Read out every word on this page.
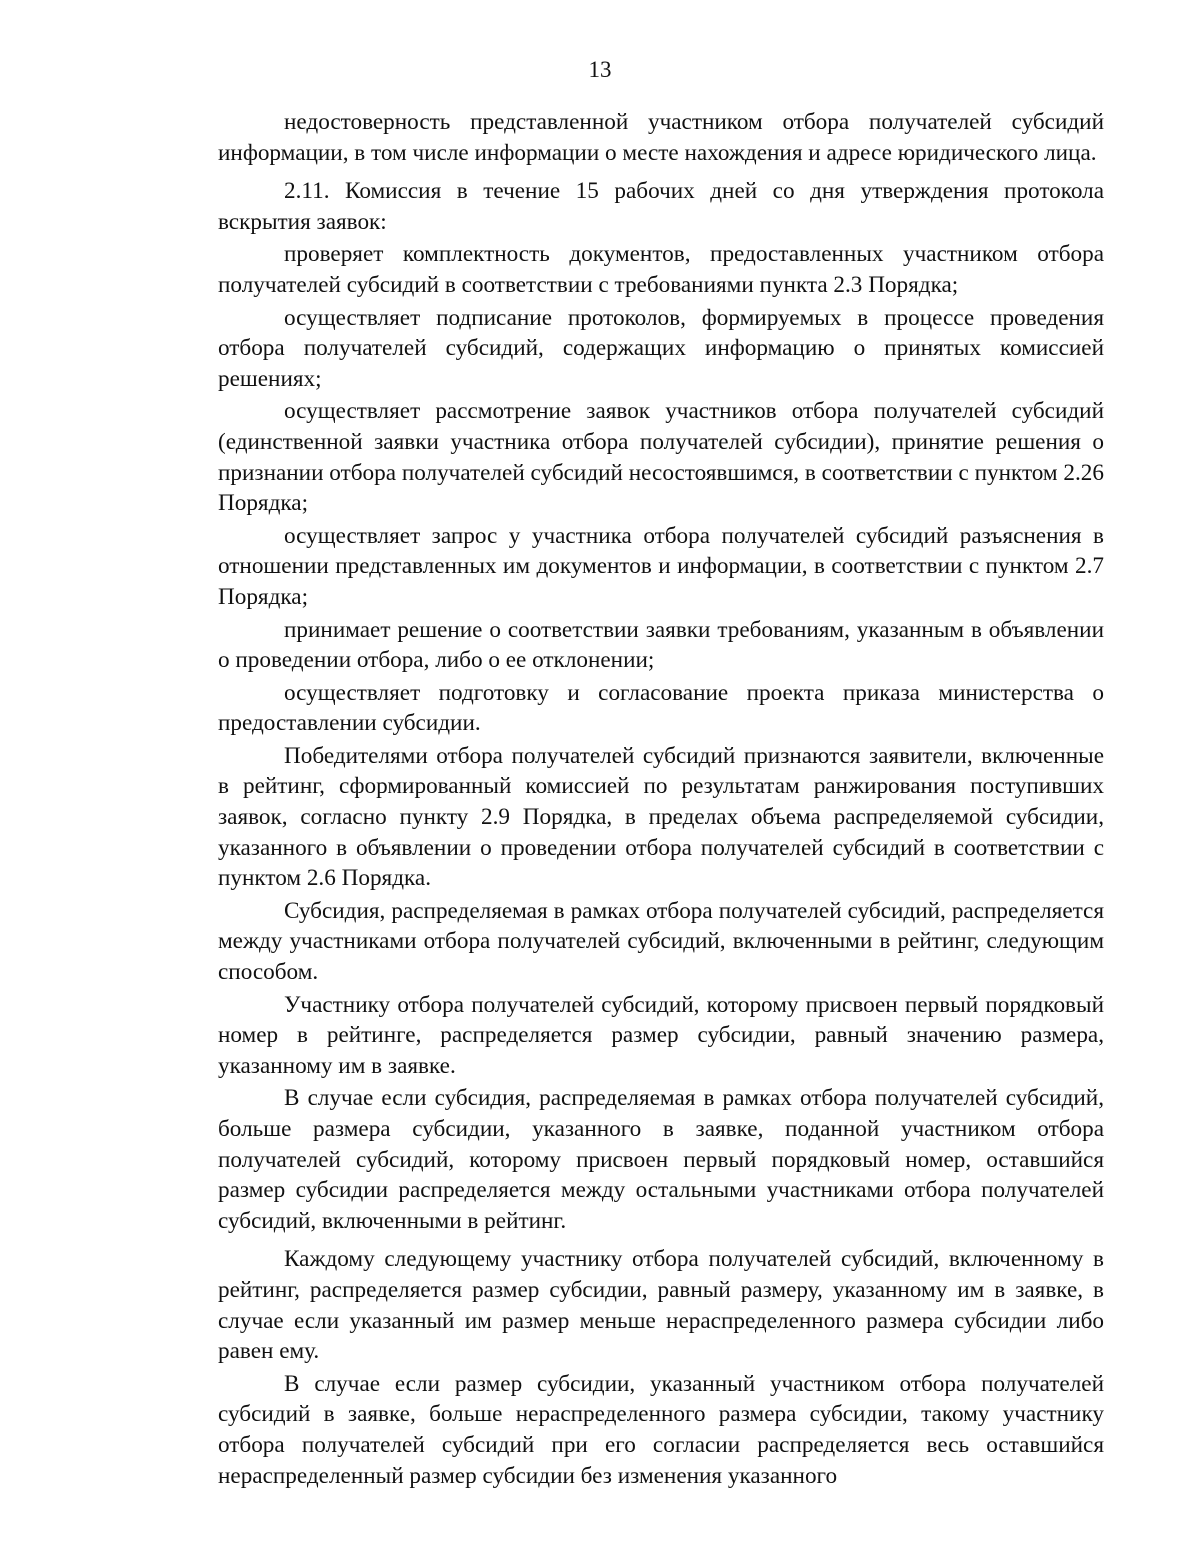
13

недостоверность представленной участником отбора получателей субсидий информации, в том числе информации о месте нахождения и адресе юридического лица.

2.11. Комиссия в течение 15 рабочих дней со дня утверждения протокола вскрытия заявок:

проверяет комплектность документов, предоставленных участником отбора получателей субсидий в соответствии с требованиями пункта 2.3 Порядка;

осуществляет подписание протоколов, формируемых в процессе проведения отбора получателей субсидий, содержащих информацию о принятых комиссией решениях;

осуществляет рассмотрение заявок участников отбора получателей субсидий (единственной заявки участника отбора получателей субсидии), принятие решения о признании отбора получателей субсидий несостоявшимся, в соответствии с пунктом 2.26 Порядка;

осуществляет запрос у участника отбора получателей субсидий разъяснения в отношении представленных им документов и информации, в соответствии с пунктом 2.7 Порядка;

принимает решение о соответствии заявки требованиям, указанным в объявлении о проведении отбора, либо о ее отклонении;

осуществляет подготовку и согласование проекта приказа министерства о предоставлении субсидии.

Победителями отбора получателей субсидий признаются заявители, включенные в рейтинг, сформированный комиссией по результатам ранжирования поступивших заявок, согласно пункту 2.9 Порядка, в пределах объема распределяемой субсидии, указанного в объявлении о проведении отбора получателей субсидий в соответствии с пунктом 2.6 Порядка.

Субсидия, распределяемая в рамках отбора получателей субсидий, распределяется между участниками отбора получателей субсидий, включенными в рейтинг, следующим способом.

Участнику отбора получателей субсидий, которому присвоен первый порядковый номер в рейтинге, распределяется размер субсидии, равный значению размера, указанному им в заявке.

В случае если субсидия, распределяемая в рамках отбора получателей субсидий, больше размера субсидии, указанного в заявке, поданной участником отбора получателей субсидий, которому присвоен первый порядковый номер, оставшийся размер субсидии распределяется между остальными участниками отбора получателей субсидий, включенными в рейтинг.

Каждому следующему участнику отбора получателей субсидий, включенному в рейтинг, распределяется размер субсидии, равный размеру, указанному им в заявке, в случае если указанный им размер меньше нераспределенного размера субсидии либо равен ему.

В случае если размер субсидии, указанный участником отбора получателей субсидий в заявке, больше нераспределенного размера субсидии, такому участнику отбора получателей субсидий при его согласии распределяется весь оставшийся нераспределенный размер субсидии без изменения указанного
